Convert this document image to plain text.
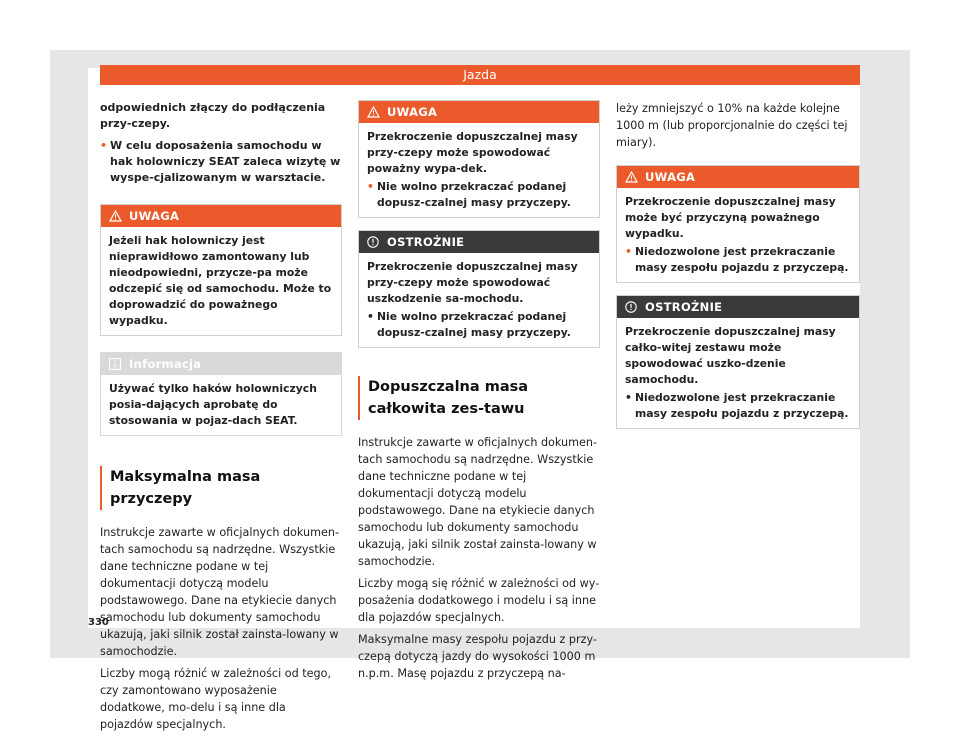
Jazda
odpowiednich złączy do podłączenia przy-czepy.
• W celu doposażenia samochodu w hak holowniczy SEAT zaleca wizytę w wyspe-cjalizowanym w warsztacie.
UWAGA
Jeżeli hak holowniczy jest nieprawidłowo zamontowany lub nieodpowiedni, przycze-pa może odczepić się od samochodu. Może to doprowadzić do poważnego wypadku.
Informacja
Używać tylko haków holowniczych posia-dających aprobatę do stosowania w pojaz-dach SEAT.
Maksymalna masa przyczepy

Instrukcje zawarte w oficjalnych dokumen-tach samochodu są nadrzędne. Wszystkie dane techniczne podane w tej dokumentacji dotyczą modelu podstawowego. Dane na etykiecie danych samochodu lub dokumenty samochodu ukazują, jaki silnik został zainsta-lowany w samochodzie.

Liczby mogą różnić w zależności od tego, czy zamontowano wyposażenie dodatkowe, mo-delu i są inne dla pojazdów specjalnych.

UWAGA
Przekroczenie dopuszczalnej masy przy-czepy może spowodować poważny wypa-dek.
• Nie wolno przekraczać podanej dopusz-czalnej masy przyczepy.
OSTROŻNIE
Przekroczenie dopuszczalnej masy przy-czepy może spowodować uszkodzenie sa-mochodu.
• Nie wolno przekraczać podanej dopusz-czalnej masy przyczepy.
Dopuszczalna masa całkowita zes-tawu

Instrukcje zawarte w oficjalnych dokumen-tach samochodu są nadrzędne. Wszystkie dane techniczne podane w tej dokumentacji dotyczą modelu podstawowego. Dane na etykiecie danych samochodu lub dokumenty samochodu ukazują, jaki silnik został zainsta-lowany w samochodzie.

Liczby mogą się różnić w zależności od wy-posażenia dodatkowego i modelu i są inne dla pojazdów specjalnych.

Maksymalne masy zespołu pojazdu z przy-czepą dotyczą jazdy do wysokości 1000 m n.p.m. Masę pojazdu z przyczepą na-

leży zmniejszyć o 10% na każde kolejne 1000 m (lub proporcjonalnie do części tej miary).

UWAGA
Przekroczenie dopuszczalnej masy może być przyczyną poważnego wypadku.
• Niedozwolone jest przekraczanie masy zespołu pojazdu z przyczepą.
OSTROŻNIE
Przekroczenie dopuszczalnej masy całko-witej zestawu może spowodować uszko-dzenie samochodu.
• Niedozwolone jest przekraczanie masy zespołu pojazdu z przyczepą.
330
